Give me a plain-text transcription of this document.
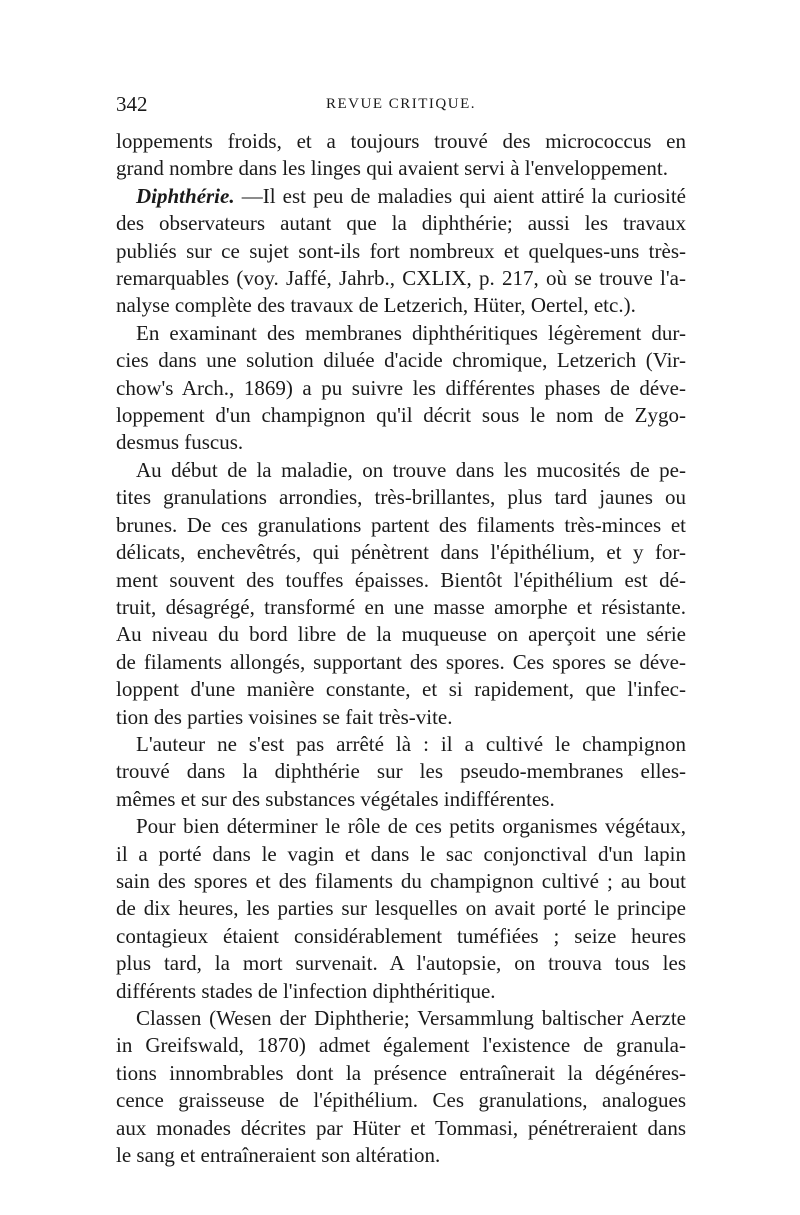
342	REVUE CRITIQUE.

loppements froids, et a toujours trouvé des micrococcus en
grand nombre dans les linges qui avaient servi à l'enveloppement.

Diphthérie. —Il est peu de maladies qui aient attiré la curiosité
des observateurs autant que la diphthérie; aussi les travaux
publiés sur ce sujet sont-ils fort nombreux et quelques-uns très-
remarquables (voy. Jaffé, Jahrb., CXLIX, p. 217, où se trouve l'a-
nalyse complète des travaux de Letzerich, Hüter, Oertel, etc.).

En examinant des membranes diphthéritiques légèrement dur-
cies dans une solution diluée d'acide chromique, Letzerich (Vir-
chow's Arch., 1869) a pu suivre les différentes phases de déve-
loppement d'un champignon qu'il décrit sous le nom de Zygo-
desmus fuscus.

Au début de la maladie, on trouve dans les mucosités de pe-
tites granulations arrondies, très-brillantes, plus tard jaunes ou
brunes. De ces granulations partent des filaments très-minces et
délicats, enchevêtrés, qui pénètrent dans l'épithélium, et y for-
ment souvent des touffes épaisses. Bientôt l'épithélium est dé-
truit, désagrégé, transformé en une masse amorphe et résistante.
Au niveau du bord libre de la muqueuse on aperçoit une série
de filaments allongés, supportant des spores. Ces spores se déve-
loppent d'une manière constante, et si rapidement, que l'infec-
tion des parties voisines se fait très-vite.

L'auteur ne s'est pas arrêté là : il a cultivé le champignon
trouvé dans la diphthérie sur les pseudo-membranes elles-
mêmes et sur des substances végétales indifférentes.

Pour bien déterminer le rôle de ces petits organismes végétaux,
il a porté dans le vagin et dans le sac conjonctival d'un lapin
sain des spores et des filaments du champignon cultivé ; au bout
de dix heures, les parties sur lesquelles on avait porté le principe
contagieux étaient considérablement tuméfiées ; seize heures
plus tard, la mort survenait. A l'autopsie, on trouva tous les
différents stades de l'infection diphthéritique.

Classen (Wesen der Diphtherie; Versammlung baltischer Aerzte
in Greifswald, 1870) admet également l'existence de granula-
tions innombrables dont la présence entraînerait la dégénéres-
cence graisseuse de l'épithélium. Ces granulations, analogues
aux monades décrites par Hüter et Tommasi, pénétreraient dans
le sang et entraîneraient son altération.
